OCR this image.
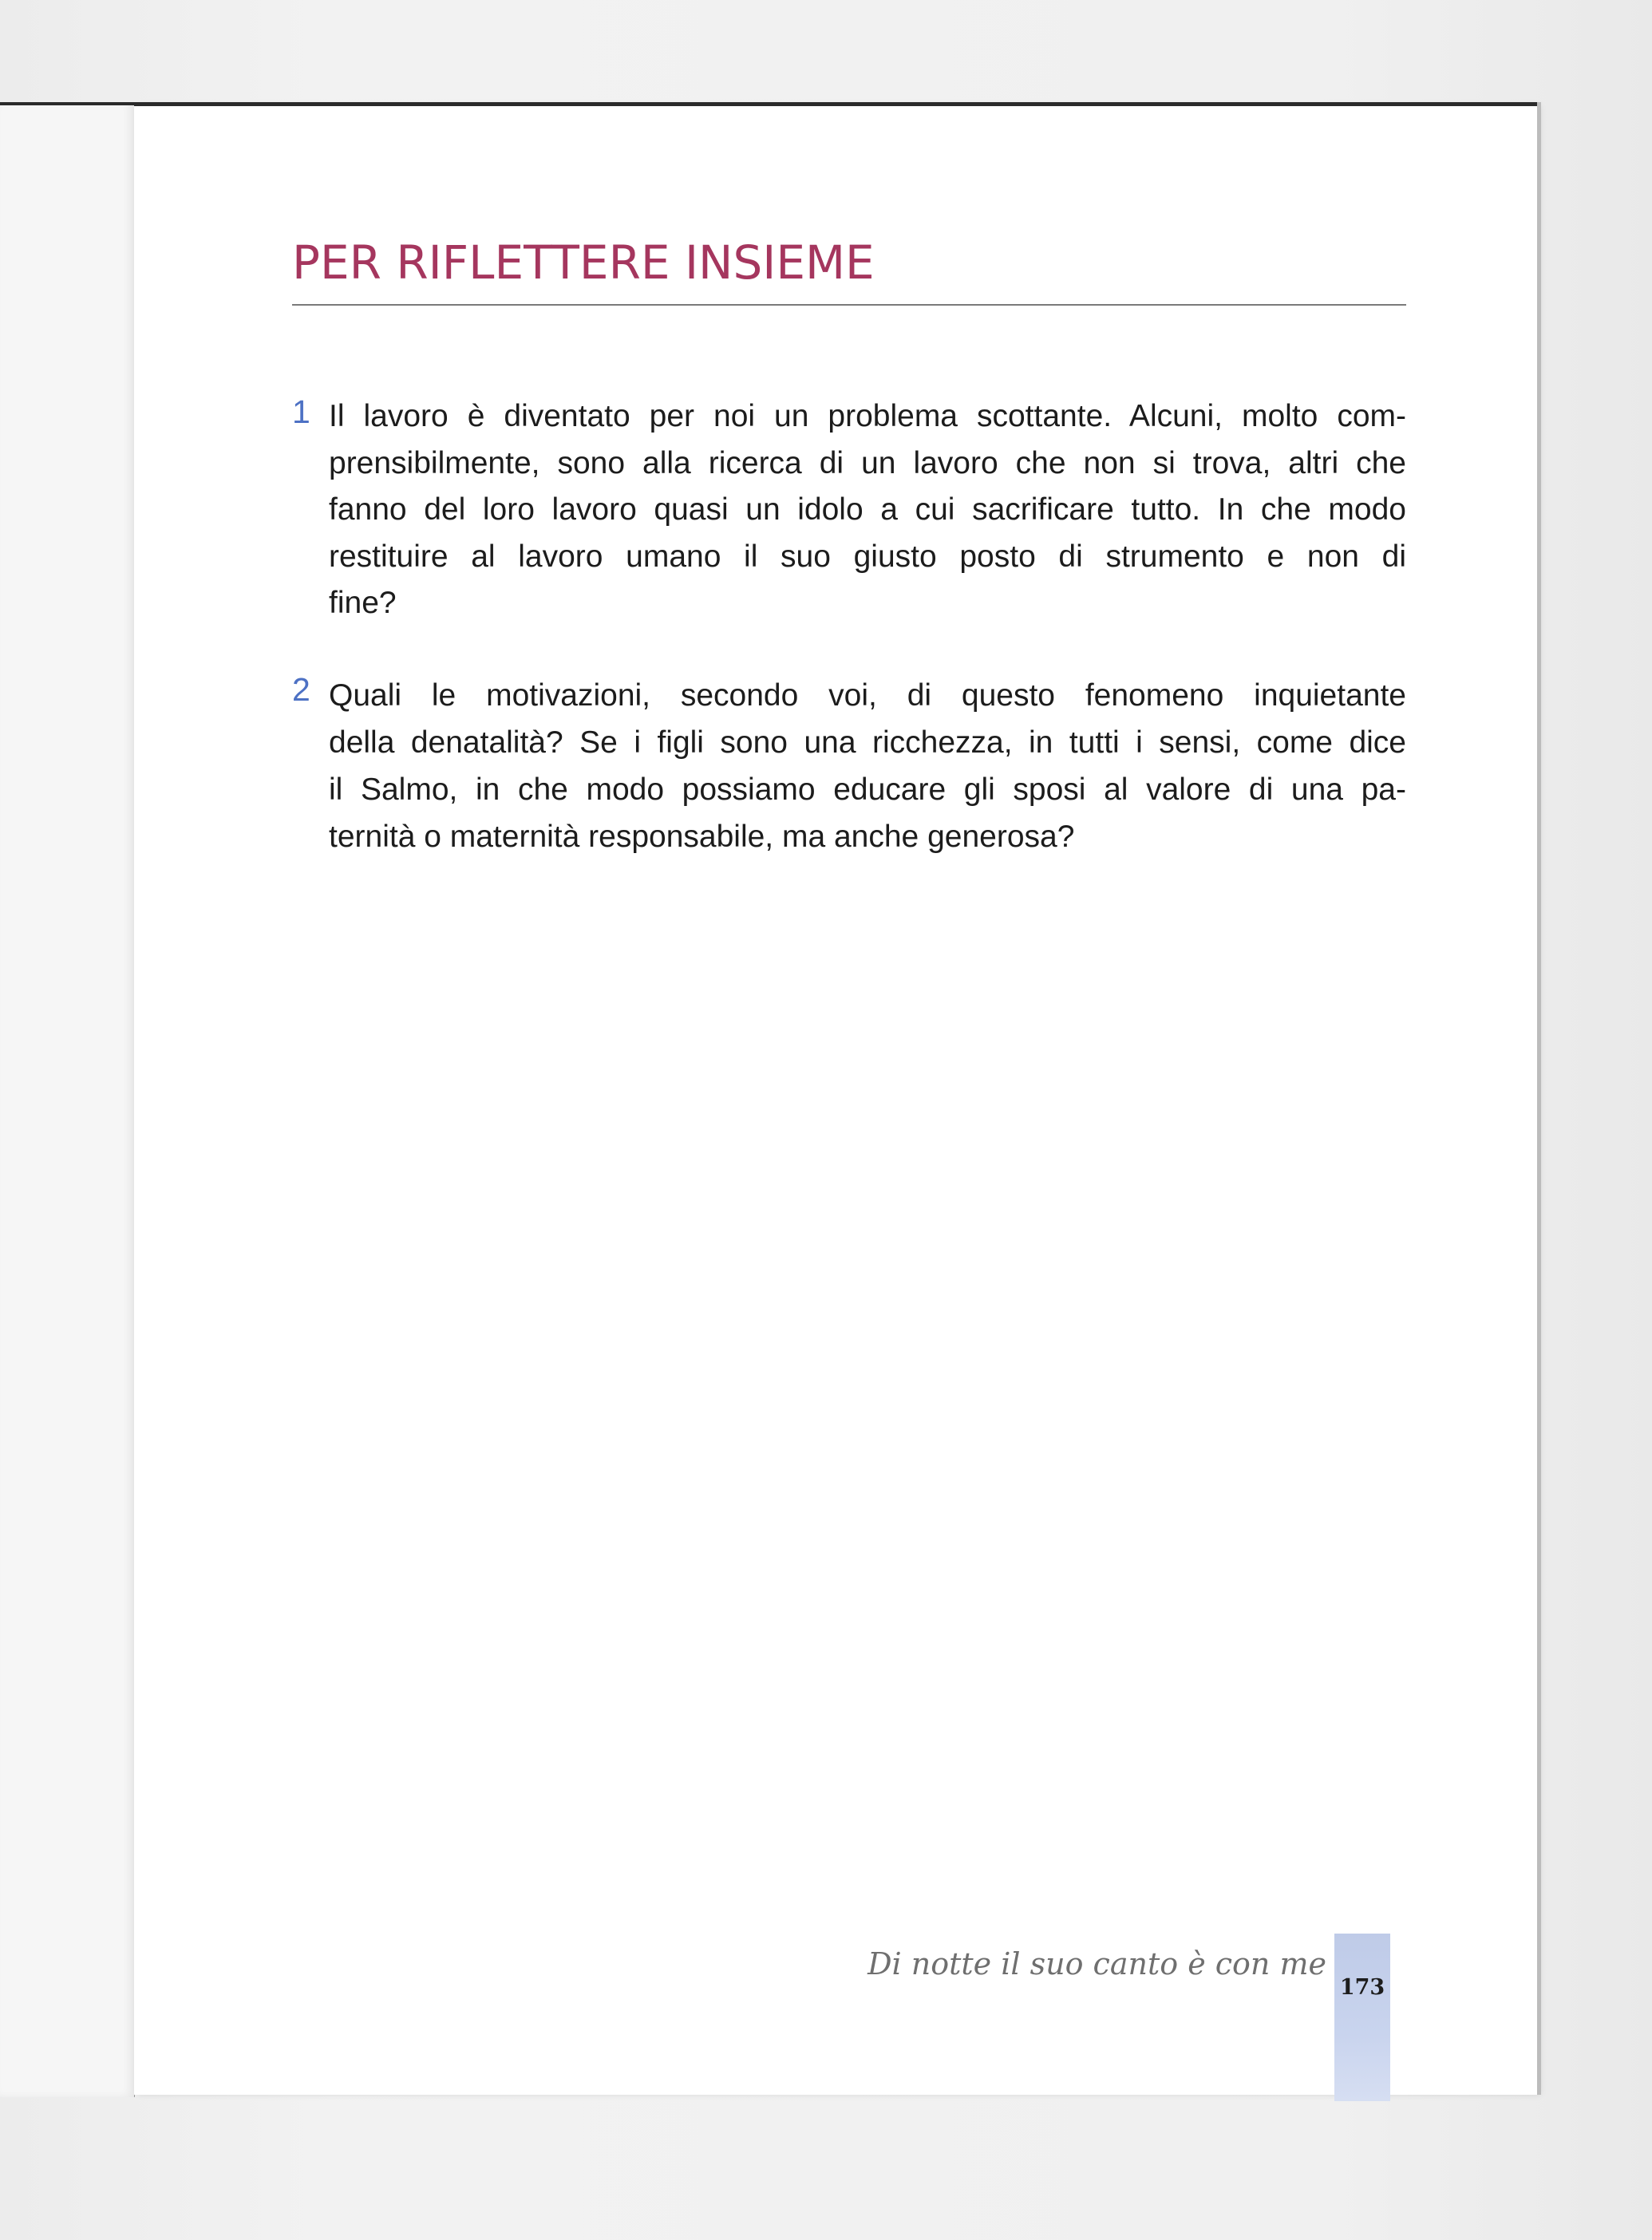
PER RIFLETTERE INSIEME
1 Il lavoro è diventato per noi un problema scottante. Alcuni, molto com-
prensibilmente, sono alla ricerca di un lavoro che non si trova, altri che
fanno del loro lavoro quasi un idolo a cui sacrificare tutto. In che modo
restituire al lavoro umano il suo giusto posto di strumento e non di
fine?
2 Quali le motivazioni, secondo voi, di questo fenomeno inquietante
della denatalità? Se i figli sono una ricchezza, in tutti i sensi, come dice
il Salmo, in che modo possiamo educare gli sposi al valore di una pa-
ternità o maternità responsabile, ma anche generosa?
Di notte il suo canto è con me
173
